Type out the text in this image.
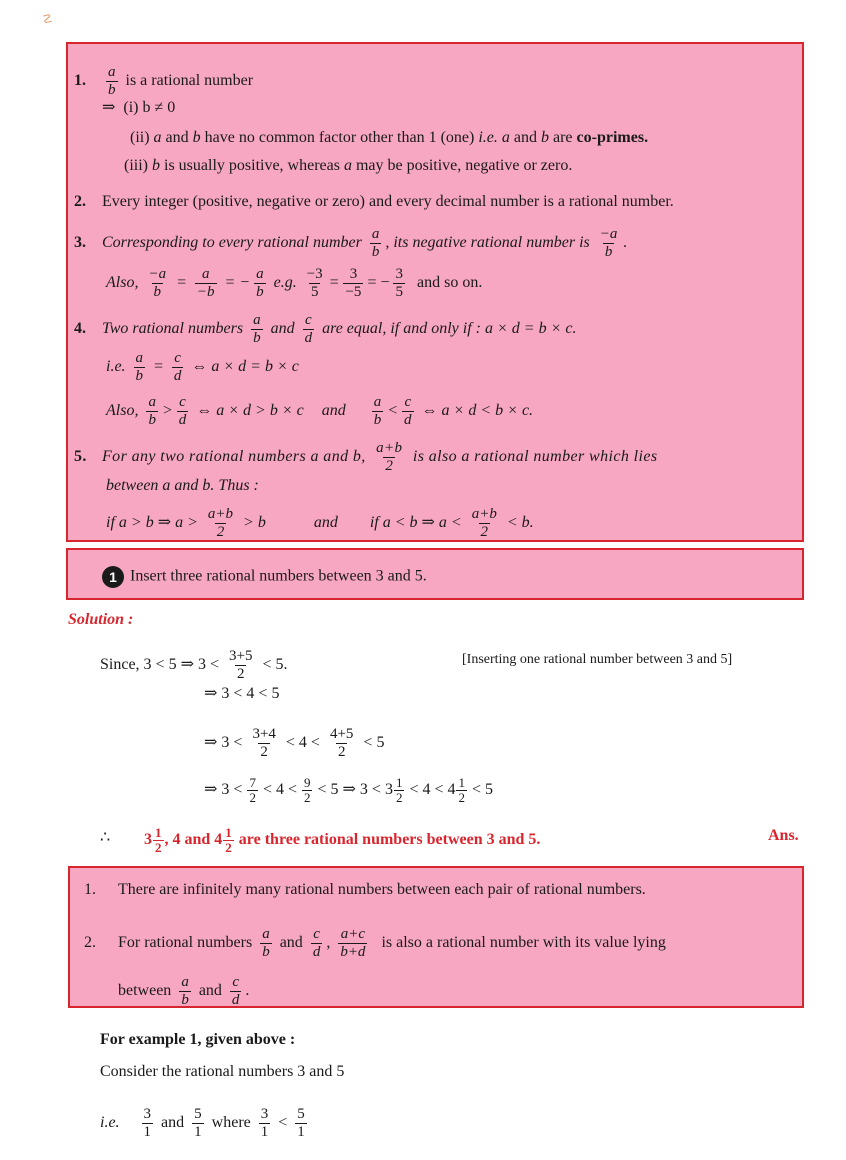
☡
1. $\frac{a}{b}$ is a rational number
⇒ (i) b ≠ 0
(ii) a and b have no common factor other than 1 (one) i.e. a and b are co-primes.
(iii) b is usually positive, whereas a may be positive, negative or zero.
2. Every integer (positive, negative or zero) and every decimal number is a rational number.
3. Corresponding to every rational number $\frac{a}{b}$ , its negative rational number is $\frac{-a}{b}$ .
Also, $\frac{-a}{b} = \frac{a}{-b}$ = − $\frac{a}{b} e.g$. $\frac{-3}{5} = \frac{3}{-5}$ = − $\frac{3}{5}$ and so on.
4. Two rational numbers $\frac{a}{b}$ and $\frac{c}{d}$ are equal, if and only if : a × d = b × c.
i.e. $\frac{a}{b} = \frac{c}{d}$ ⇔ a × d = b × c
Also, $\frac{a}{b} > \frac{c}{d}$ ⇔ a × d > b × c and $\frac{a}{b} < \frac{c}{d}$ ⇔ a × d < b × c.
5. For any two rational numbers a and b, $\frac{a+b}{2}$ is also a rational number which lies
between a and b. Thus :
if a > b ⇒ $a > \frac{a+b}{2} > b$	and if a < b ⇒ $a < \frac{a+b}{2} < b$.
1 Insert three rational numbers between 3 and 5.
Solution :
Since, 3 < 5 ⇒ $3 < \frac{3+5}{2} < 5$.	[Inserting one rational number between 3 and 5]
⇒ 3 < 4 < 5
⇒ $3 < \frac{3+4}{2} < 4 < \frac{4+5}{2} < 5$
⇒ $3 < \frac{7}{2} < 4 < \frac{9}{2} < 5$ ⇒ $3 < 3 \frac{1}{2} < 4 < 4 \frac{1}{2} < 5$
∴ $3 \frac{1}{2}$ , 4 and $4 \frac{1}{2}$ are three rational numbers between 3 and 5.	Ans.
1. There are infinitely many rational numbers between each pair of rational numbers.
2. For rational numbers $\frac{a}{b}$ and $\frac{c}{d}$ , $\frac{a+c}{b+d}$ is also a rational number with its value lying
between $\frac{a}{b}$ and $\frac{c}{d}$ .
For example 1, given above :
Consider the rational numbers 3 and 5
i.e. $\frac{3}{1}$ and $\frac{5}{1}$ where $\frac{3}{1} < \frac{5}{1}$
